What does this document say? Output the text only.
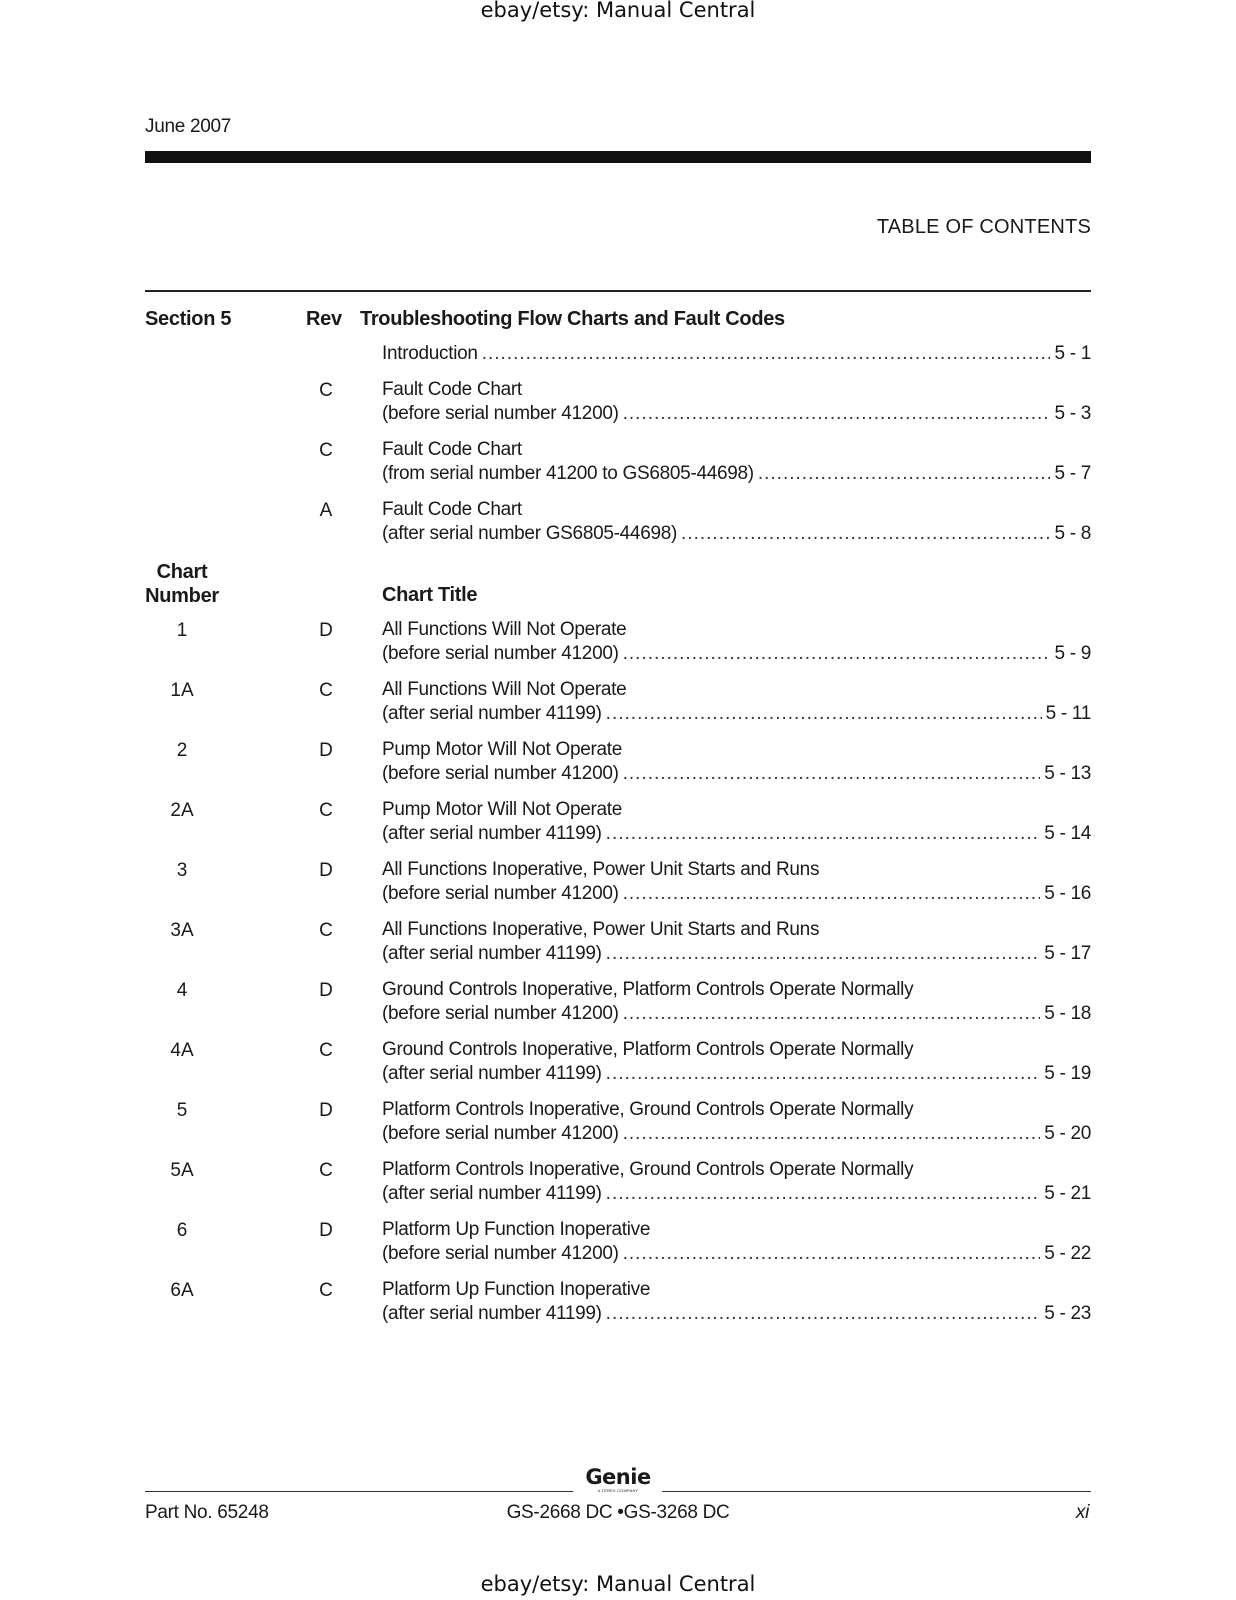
ebay/etsy: Manual Central
June 2007
TABLE OF CONTENTS
Section 5	Rev Troubleshooting Flow Charts and Fault Codes
Introduction .....	5 - 1
C	Fault Code Chart
(before serial number 41200) .....	5 - 3
C	Fault Code Chart
(from serial number 41200 to GS6805-44698) .....	5 - 7
A	Fault Code Chart
(after serial number GS6805-44698) .....	5 - 8
Chart
Number	Chart Title
1	D	All Functions Will Not Operate
(before serial number 41200) .....	5 - 9
1A	C	All Functions Will Not Operate
(after serial number 41199) .....	5 - 11
2	D	Pump Motor Will Not Operate
(before serial number 41200) .....	5 - 13
2A	C	Pump Motor Will Not Operate
(after serial number 41199) .....	5 - 14
3	D	All Functions Inoperative, Power Unit Starts and Runs
(before serial number 41200) .....	5 - 16
3A	C	All Functions Inoperative, Power Unit Starts and Runs
(after serial number 41199) .....	5 - 17
4	D	Ground Controls Inoperative, Platform Controls Operate Normally
(before serial number 41200) .....	5 - 18
4A	C	Ground Controls Inoperative, Platform Controls Operate Normally
(after serial number 41199) .....	5 - 19
5	D	Platform Controls Inoperative, Ground Controls Operate Normally
(before serial number 41200) .....	5 - 20
5A	C	Platform Controls Inoperative, Ground Controls Operate Normally
(after serial number 41199) .....	5 - 21
6	D	Platform Up Function Inoperative
(before serial number 41200) .....	5 - 22
6A	C	Platform Up Function Inoperative
(after serial number 41199) .....	5 - 23
Genie
A TEREX COMPANY
Part No. 65248	GS-2668 DC •GS-3268 DC	xi
ebay/etsy: Manual Central
